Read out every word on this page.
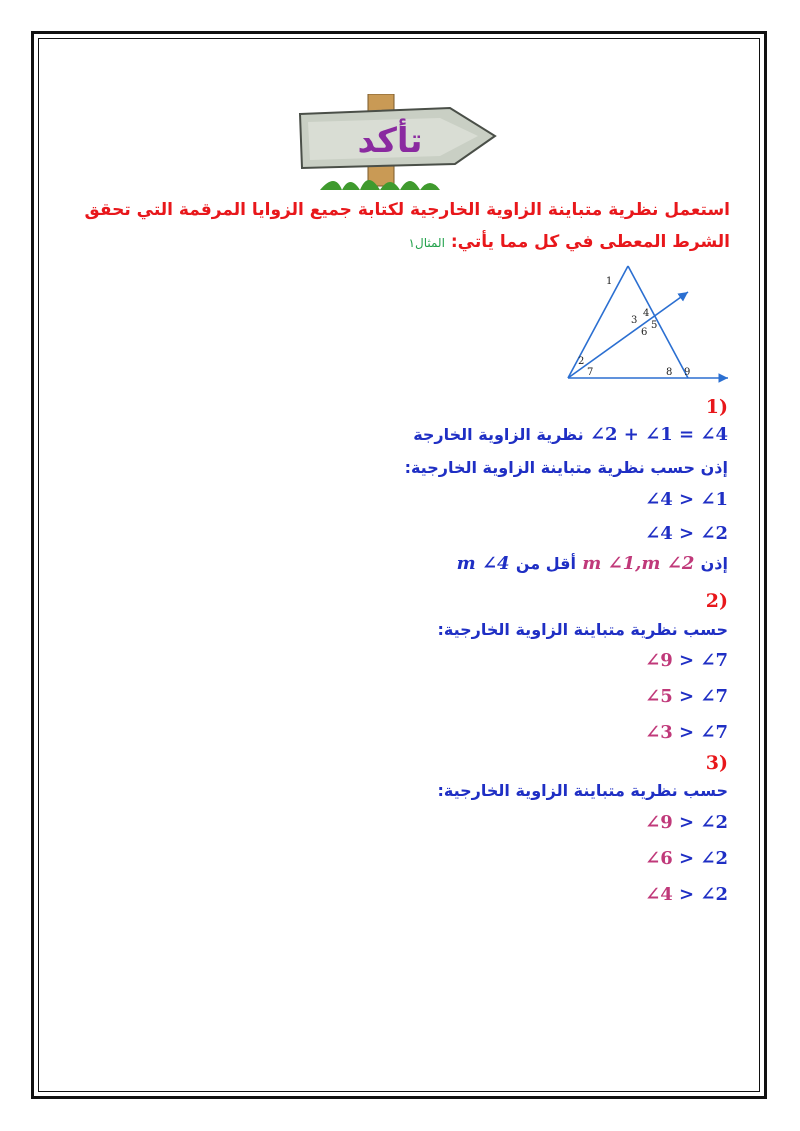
تأكد
استعمل نظرية متباينة الزاوية الخارجية لكتابة جميع الزوايا المرقمة التي تحقق
الشرط المعطى في كل مما يأتي: المثال١
1
2
3
4
5
6
7	8 9
(1
∠2 + ∠1 = ∠4 نظرية الزاوية الخارجة
إذن حسب نظرية متباينة الزاوية الخارجية:
∠4 > ∠1
∠4 > ∠2
إذن m ∠1,m ∠2 أقل من m ∠4
(2
حسب نظرية متباينة الزاوية الخارجية:
∠9 > ∠7
∠5 > ∠7
∠3 > ∠7
(3
حسب نظرية متباينة الزاوية الخارجية:
∠9 > ∠2
∠6 > ∠2
∠4 > ∠2
